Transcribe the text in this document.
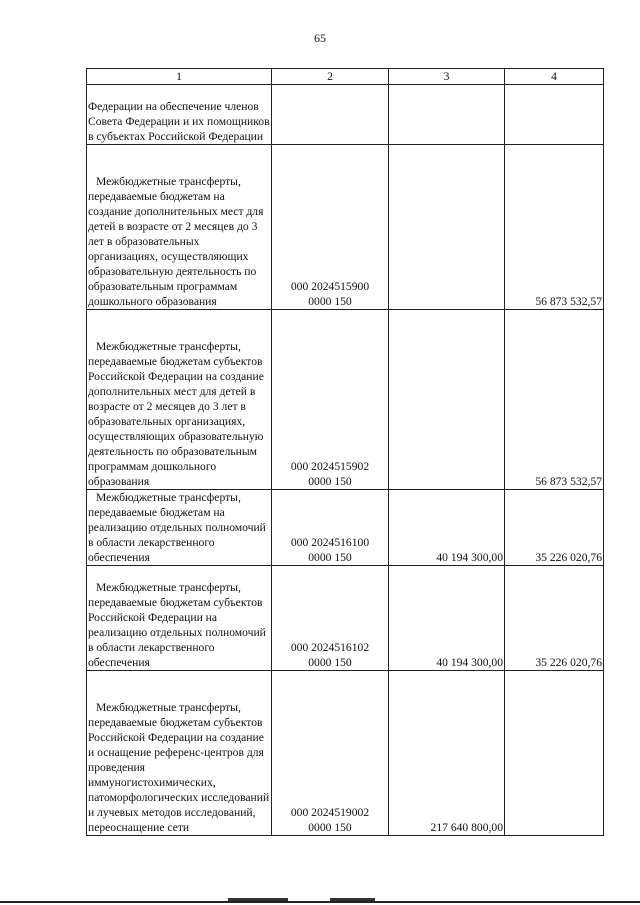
65
1	2	3	4

Федерации на обеспечение членов Совета Федерации и их помощников в субъектах Российской Федерации			

Межбюджетные трансферты, передаваемые бюджетам на создание дополнительных мест для детей в возрасте от 2 месяцев до 3 лет в образовательных организациях, осуществляющих образовательную деятельность по образовательным программам дошкольного образования	000 2024515900
0000 150		56 873 532,57

Межбюджетные трансферты, передаваемые бюджетам субъектов Российской Федерации на создание дополнительных мест для детей в возрасте от 2 месяцев до 3 лет в образовательных организациях, осуществляющих образовательную деятельность по образовательным программам дошкольного образования	000 2024515902
0000 150		56 873 532,57

Межбюджетные трансферты, передаваемые бюджетам на реализацию отдельных полномочий в области лекарственного обеспечения	000 2024516100
0000 150	40 194 300,00	35 226 020,76

Межбюджетные трансферты, передаваемые бюджетам субъектов Российской Федерации на реализацию отдельных полномочий в области лекарственного обеспечения	000 2024516102
0000 150	40 194 300,00	35 226 020,76

Межбюджетные трансферты, передаваемые бюджетам субъектов Российской Федерации на создание и оснащение референс-центров для проведения иммуногистохимических, патоморфологических исследований и лучевых методов исследований, переоснащение сети	000 2024519002
0000 150	217 640 800,00	
